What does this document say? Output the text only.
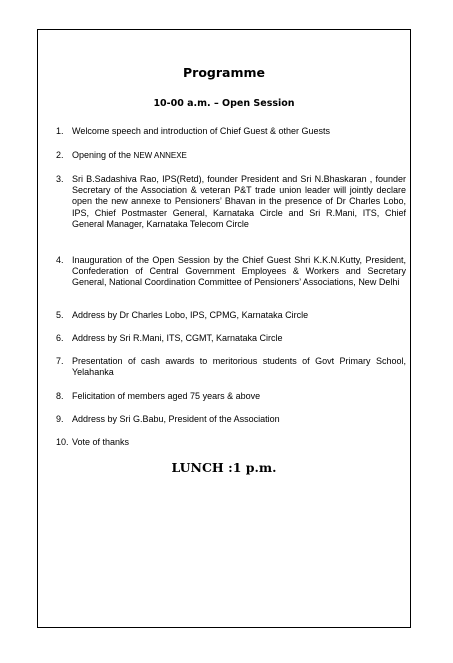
Programme
10-00 a.m. – Open Session
1. Welcome speech and introduction of Chief Guest & other Guests
2. Opening of the NEW ANNEXE
3. Sri B.Sadashiva Rao, IPS(Retd), founder President and Sri N.Bhaskaran , founder Secretary of the Association & veteran P&T trade union leader will jointly declare open the new annexe to Pensioners’ Bhavan in the presence of Dr Charles Lobo, IPS, Chief Postmaster General, Karnataka Circle and Sri R.Mani, ITS, Chief General Manager, Karnataka Telecom Circle
4. Inauguration of the Open Session by the Chief Guest Shri K.K.N.Kutty, President, Confederation of Central Government Employees & Workers and Secretary General, National Coordination Committee of Pensioners’ Associations, New Delhi
5. Address by Dr Charles Lobo, IPS, CPMG, Karnataka Circle
6. Address by Sri R.Mani, ITS, CGMT, Karnataka Circle
7. Presentation of cash awards to meritorious students of Govt Primary School, Yelahanka
8. Felicitation of members aged 75 years & above
9. Address by Sri G.Babu, President of the Association
10. Vote of thanks
LUNCH :1 p.m.
